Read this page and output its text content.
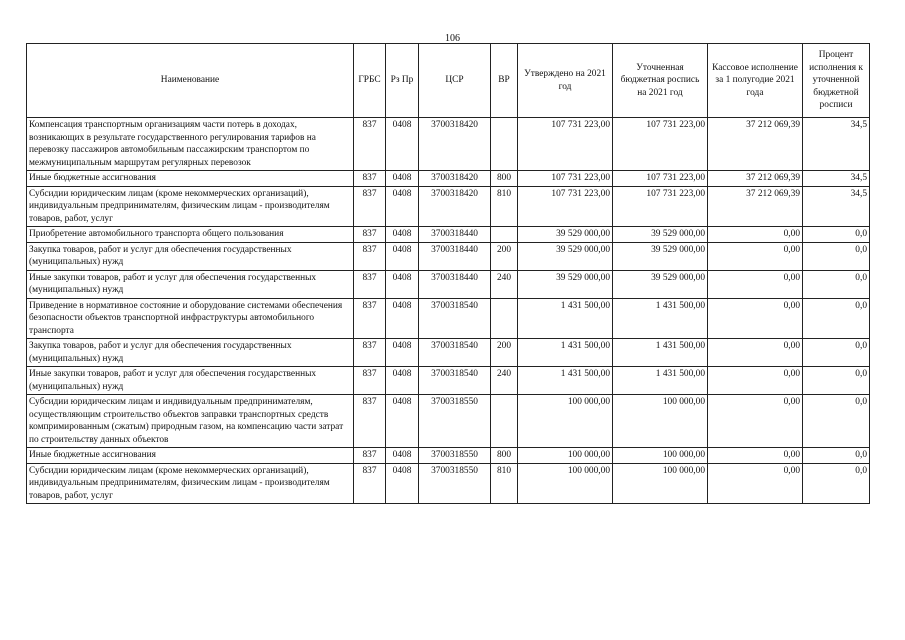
106
Наименование	ГРБС	Рз Пр	ЦСР	ВР	Утверждено на 2021 год	Уточненная бюджетная роспись на 2021 год	Кассовое исполнение за 1 полугодие 2021 года	Процент исполнения к уточненной бюджетной росписи
Компенсация транспортным организациям части потерь в доходах, возникающих в результате государственного регулирования тарифов на перевозку пассажиров автомобильным пассажирским транспортом по межмуниципальным маршрутам регулярных перевозок	837	0408	3700318420		107 731 223,00	107 731 223,00	37 212 069,39	34,5
Иные бюджетные ассигнования	837	0408	3700318420	800	107 731 223,00	107 731 223,00	37 212 069,39	34,5
Субсидии юридическим лицам (кроме некоммерческих организаций), индивидуальным предпринимателям, физическим лицам - производителям товаров, работ, услуг	837	0408	3700318420	810	107 731 223,00	107 731 223,00	37 212 069,39	34,5
Приобретение автомобильного транспорта общего пользования	837	0408	3700318440		39 529 000,00	39 529 000,00	0,00	0,0
Закупка товаров, работ и услуг для обеспечения государственных (муниципальных) нужд	837	0408	3700318440	200	39 529 000,00	39 529 000,00	0,00	0,0
Иные закупки товаров, работ и услуг для обеспечения государственных (муниципальных) нужд	837	0408	3700318440	240	39 529 000,00	39 529 000,00	0,00	0,0
Приведение в нормативное состояние и оборудование системами обеспечения безопасности объектов транспортной инфраструктуры автомобильного транспорта	837	0408	3700318540		1 431 500,00	1 431 500,00	0,00	0,0
Закупка товаров, работ и услуг для обеспечения государственных (муниципальных) нужд	837	0408	3700318540	200	1 431 500,00	1 431 500,00	0,00	0,0
Иные закупки товаров, работ и услуг для обеспечения государственных (муниципальных) нужд	837	0408	3700318540	240	1 431 500,00	1 431 500,00	0,00	0,0
Субсидии юридическим лицам и индивидуальным предпринимателям, осуществляющим строительство объектов заправки транспортных средств компримированным (сжатым) природным газом, на компенсацию части затрат по строительству данных объектов	837	0408	3700318550		100 000,00	100 000,00	0,00	0,0
Иные бюджетные ассигнования	837	0408	3700318550	800	100 000,00	100 000,00	0,00	0,0
Субсидии юридическим лицам (кроме некоммерческих организаций), индивидуальным предпринимателям, физическим лицам - производителям товаров, работ, услуг	837	0408	3700318550	810	100 000,00	100 000,00	0,00	0,0
